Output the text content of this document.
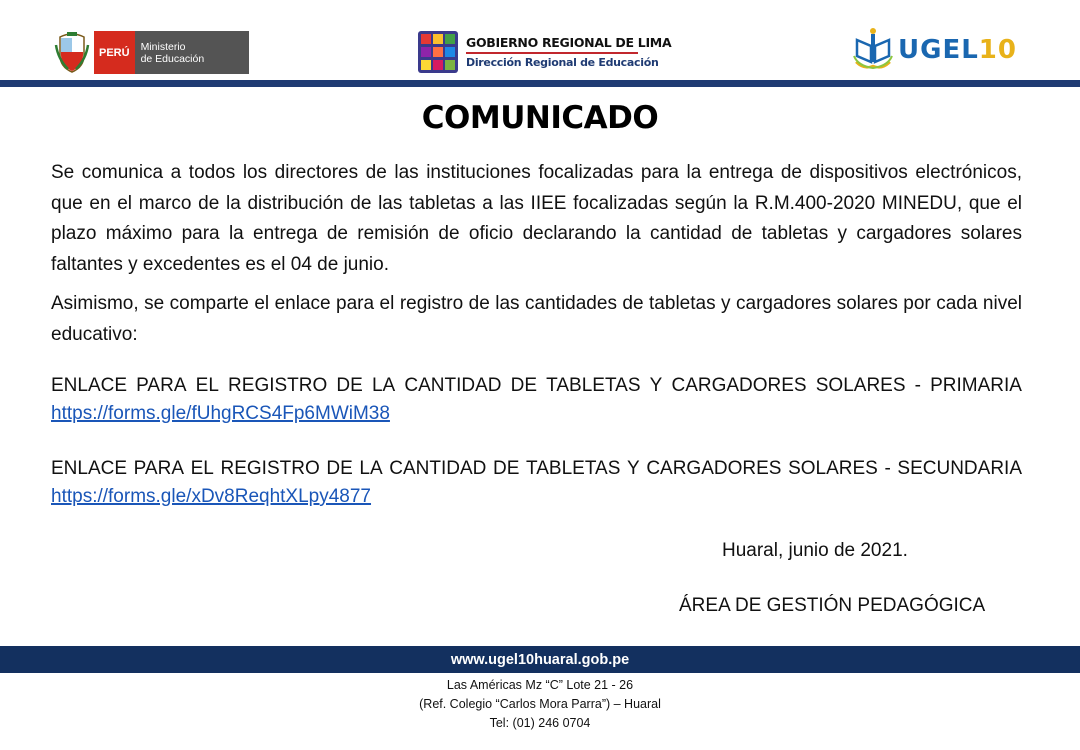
PERÚ	Ministerio
de Educación
GOBIERNO REGIONAL DE LIMA
Dirección Regional de Educación	UGEL10
COMUNICADO
Se comunica a todos los directores de las instituciones focalizadas para la entrega de dispositivos electrónicos, que en el marco de la distribución de las tabletas a las IIEE focalizadas según la R.M.400-2020 MINEDU, que el plazo máximo para la entrega de remisión de oficio declarando la cantidad de tabletas y cargadores solares faltantes y excedentes es el 04 de junio.
Asimismo, se comparte el enlace para el registro de las cantidades de tabletas y cargadores solares por cada nivel educativo:
ENLACE PARA EL REGISTRO DE LA CANTIDAD DE TABLETAS Y CARGADORES SOLARES - PRIMARIA
https://forms.gle/fUhgRCS4Fp6MWiM38
ENLACE PARA EL REGISTRO DE LA CANTIDAD DE TABLETAS Y CARGADORES SOLARES - SECUNDARIA
https://forms.gle/xDv8ReqhtXLpy4877
Huaral, junio de 2021.
ÁREA DE GESTIÓN PEDAGÓGICA
www.ugel10huaral.gob.pe
Las Américas Mz “C” Lote 21 - 26
(Ref. Colegio “Carlos Mora Parra”) – Huaral
Tel: (01) 246 0704
